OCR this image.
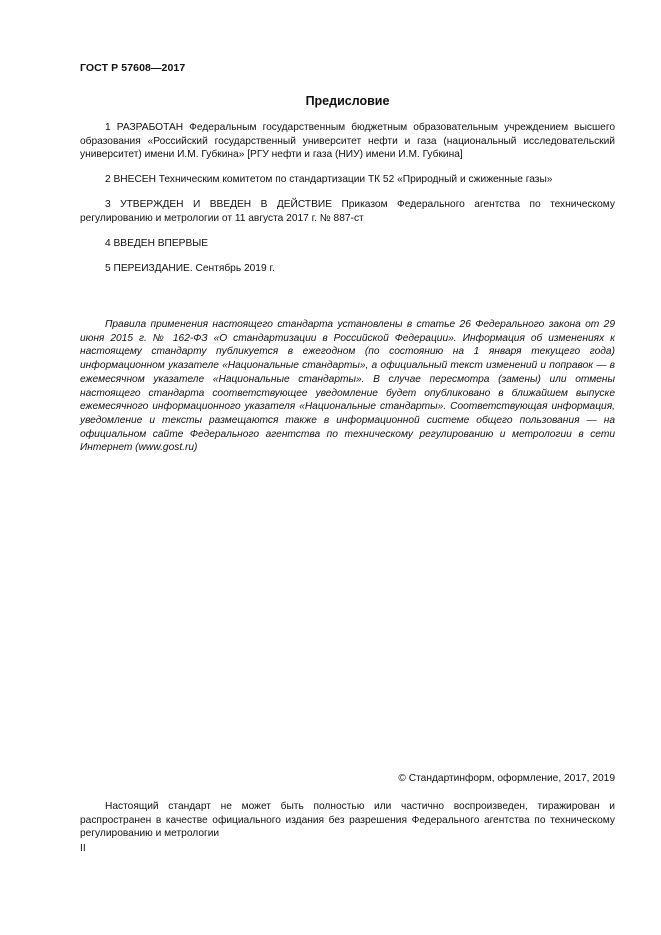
ГОСТ Р 57608—2017
Предисловие

1 РАЗРАБОТАН Федеральным государственным бюджетным образовательным учреждением высшего образования «Российский государственный университет нефти и газа (национальный исследовательский университет) имени И.М. Губкина» [РГУ нефти и газа (НИУ) имени И.М. Губкина]

2 ВНЕСЕН Техническим комитетом по стандартизации ТК 52 «Природный и сжиженные газы»

3 УТВЕРЖДЕН И ВВЕДЕН В ДЕЙСТВИЕ Приказом Федерального агентства по техническому регулированию и метрологии от 11 августа 2017 г. № 887-ст

4 ВВЕДЕН ВПЕРВЫЕ

5 ПЕРЕИЗДАНИЕ. Сентябрь 2019 г.

Правила применения настоящего стандарта установлены в статье 26 Федерального закона от 29 июня 2015 г. № 162-ФЗ «О стандартизации в Российской Федерации». Информация об изменениях к настоящему стандарту публикуется в ежегодном (по состоянию на 1 января текущего года) информационном указателе «Национальные стандарты», а официальный текст изменений и поправок — в ежемесячном указателе «Национальные стандарты». В случае пересмотра (замены) или отмены настоящего стандарта соответствующее уведомление будет опубликовано в ближайшем выпуске ежемесячного информационного указателя «Национальные стандарты». Соответствующая информация, уведомление и тексты размещаются также в информационной системе общего пользования — на официальном сайте Федерального агентства по техническому регулированию и метрологии в сети Интернет (www.gost.ru)

© Стандартинформ, оформление, 2017, 2019

Настоящий стандарт не может быть полностью или частично воспроизведен, тиражирован и распространен в качестве официального издания без разрешения Федерального агентства по техническому регулированию и метрологии

II
